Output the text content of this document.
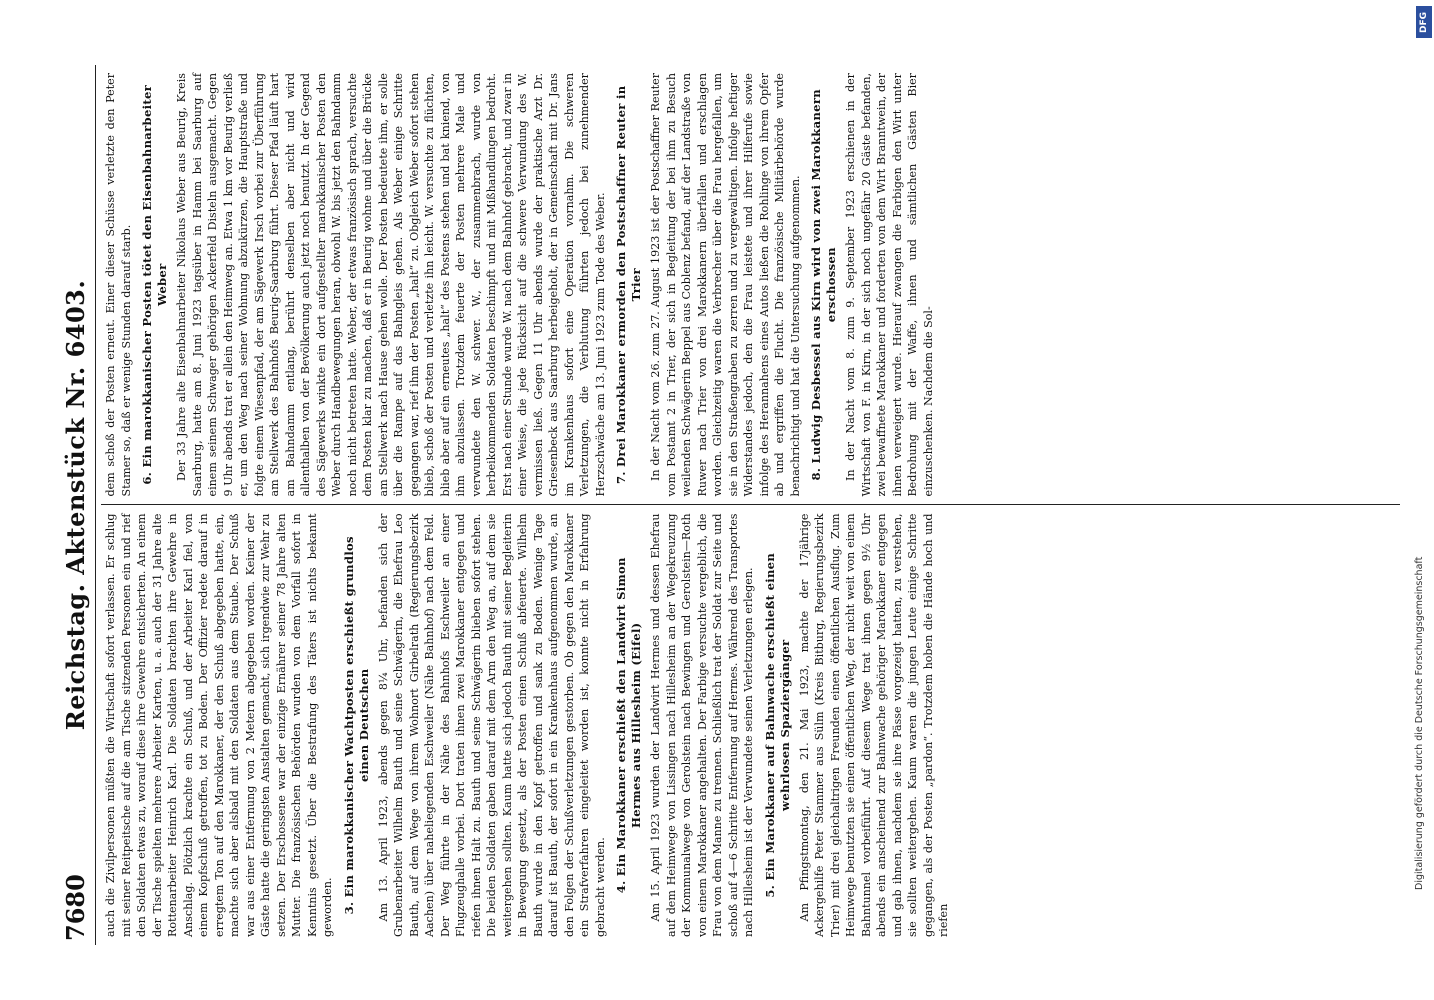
7680
Reichstag. Aktenstück Nr. 6403. auch die Zivilpersonen müßten die Wirtschaft sofort verlassen. Er schlug mit seiner Reitpeitsche auf die am Tische sitzenden Personen ein und rief den Soldaten etwas zu, worauf diese ihre Gewehre entsicherten. An einem der Tische spielten mehrere Arbeiter Karten, u. a. auch der 31 Jahre alte Rottenarbeiter Heinrich Karl. Die Soldaten brachten ihre Gewehre in Anschlag. Plötzlich krachte ein Schuß, und der Arbeiter Karl fiel, von einem Kopfschuß getroffen, tot zu Boden. Der Offizier redete darauf in erregtem Ton auf den Marokkaner, der den Schuß abgegeben hatte, ein, machte sich aber alsbald mit den Soldaten aus dem Staube. Der Schuß war aus einer Entfernung von 2 Metern abgegeben worden. Keiner der Gäste hatte die geringsten Anstalten gemacht, sich irgendwie zur Wehr zu setzen. Der Erschossene war der einzige Ernährer seiner 78 Jahre alten Mutter. Die französischen Behörden wurden von dem Vorfall sofort in Kenntnis gesetzt. Über die Bestrafung des Täters ist nichts bekannt geworden. 3. Ein marokkanischer Wachtposten erschießt grundlos einen Deutschen Am 13. April 1923, abends gegen 8¼ Uhr, befanden sich der Grubenarbeiter Wilhelm Bauth und seine Schwägerin, die Ehefrau Leo Bauth, auf dem Wege von ihrem Wohnort Girbelrath (Regierungsbezirk Aachen) über naheliegenden Eschweiler (Nähe Bahnhof) nach dem Feld. Der Weg führte in der Nähe des Bahnhofs Eschweiler an einer Flugzeughalle vorbei. Dort traten ihnen zwei Marokkaner entgegen und riefen ihnen Halt zu. Bauth und seine Schwägerin blieben sofort stehen. Die beiden Soldaten gaben darauf mit dem Arm den Weg an, auf dem sie weitergehen sollten. Kaum hatte sich jedoch Bauth mit seiner Begleiterin in Bewegung gesetzt, als der Posten einen Schuß abfeuerte. Wilhelm Bauth wurde in den Kopf getroffen und sank zu Boden. Wenige Tage darauf ist Bauth, der sofort in ein Krankenhaus aufgenommen wurde, an den Folgen der Schußverletzungen gestorben. Ob gegen den Marokkaner ein Strafverfahren eingeleitet worden ist, konnte nicht in Erfahrung gebracht werden. 4. Ein Marokkaner erschießt den Landwirt Simon Hermes aus Hillesheim (Eifel) Am 15. April 1923 wurden der Landwirt Hermes und dessen Ehefrau auf dem Heimwege von Lissingen nach Hillesheim an der Wegekreuzung der Kommunalwege von Gerolstein nach Bewingen und Gerolstein—Roth von einem Marokkaner angehalten. Der Farbige versuchte vergeblich, die Frau von dem Manne zu trennen. Schließlich trat der Soldat zur Seite und schoß auf 4—6 Schritte Entfernung auf Hermes. Während des Transportes nach Hillesheim ist der Verwundete seinen Verletzungen erlegen. 5. Ein Marokkaner auf Bahnwache erschießt einen wehrlosen Spaziergänger Am Pfingstmontag, den 21. Mai 1923, machte der 17jährige Ackergehilfe Peter Stammer aus Sülm (Kreis Bitburg, Regierungsbezirk Trier) mit drei gleichaltrigen Freunden einen öffentlichen Ausflug. Zum Heimwege benutzten sie einen öffentlichen Weg, der nicht weit von einem Bahntunnel vorbeiführt. Auf diesem Wege trat ihnen gegen 9½ Uhr abends ein anscheinend zur Bahnwache gehöriger Marokkaner entgegen und gab ihnen, nachdem sie ihre Pässe vorgezeigt hatten, zu verstehen, sie sollten weitergehen. Kaum waren die jungen Leute einige Schritte gegangen, als der Posten „pardon“. Trotzdem hoben die Hände hoch und riefen

dem schoß der Posten erneut. Einer dieser Schüsse verletzte den Peter Stamer so, daß er wenige Stunden darauf starb. 6. Ein marokkanischer Posten tötet den Eisenbahnarbeiter Weber Der 33 Jahre alte Eisenbahnarbeiter Nikolaus Weber aus Beurig, Kreis Saarburg, hatte am 8. Juni 1923 tagsüber in Hamm bei Saarburg auf einem seinem Schwager gehörigen Ackerfeld Disteln ausgemacht. Gegen 9 Uhr abends trat er allein den Heimweg an. Etwa 1 km vor Beurig verließ er, um den Weg nach seiner Wohnung abzukürzen, die Hauptstraße und folgte einem Wiesenpfad, der am Sägewerk Irsch vorbei zur Überführung am Stellwerk des Bahnhofs Beurig-Saarburg führt. Dieser Pfad läuft hart am Bahndamm entlang, berührt denselben aber nicht und wird allenthalben von der Bevölkerung auch jetzt noch benutzt. In der Gegend des Sägewerks winkte ein dort aufgestellter marokkanischer Posten den Weber durch Handbewegungen heran, obwohl W. bis jetzt den Bahndamm noch nicht betreten hatte. Weber, der etwas französisch sprach, versuchte dem Posten klar zu machen, daß er in Beurig wohne und über die Brücke am Stellwerk nach Hause gehen wolle. Der Posten bedeutete ihm, er solle über die Rampe auf das Bahngleis gehen. Als Weber einige Schritte gegangen war, rief ihm der Posten „halt“ zu. Obgleich Weber sofort stehen blieb, schoß der Posten und verletzte ihn leicht. W. versuchte zu flüchten, blieb aber auf ein erneutes „halt“ des Postens stehen und bat kniend, von ihm abzulassen. Trotzdem feuerte der Posten mehrere Male und verwundete den W. schwer. W., der zusammenbrach, wurde von herbeikommenden Soldaten beschimpft und mit Mißhandlungen bedroht. Erst nach einer Stunde wurde W. nach dem Bahnhof gebracht, und zwar in einer Weise, die jede Rücksicht auf die schwere Verwundung des W. vermissen ließ. Gegen 11 Uhr abends wurde der praktische Arzt Dr. Griesenbeck aus Saarburg herbeigeholt, der in Gemeinschaft mit Dr. Jans im Krankenhaus sofort eine Operation vornahm. Die schweren Verletzungen, die Verblutung führten jedoch bei zunehmender Herzschwäche am 13. Juni 1923 zum Tode des Weber. 7. Drei Marokkaner ermorden den Postschaffner Reuter in Trier In der Nacht vom 26. zum 27. August 1923 ist der Postschaffner Reuter vom Postamt 2 in Trier, der sich in Begleitung der bei ihm zu Besuch weilenden Schwägerin Beppel aus Coblenz befand, auf der Landstraße von Ruwer nach Trier von drei Marokkanern überfallen und erschlagen worden. Gleichzeitig waren die Verbrecher über die Frau hergefallen, um sie in den Straßengraben zu zerren und zu vergewaltigen. Infolge heftiger Widerstandes jedoch, den die Frau leistete und ihrer Hilferufe sowie infolge des Herannahens eines Autos ließen die Rohlinge von ihrem Opfer ab und ergriffen die Flucht. Die französische Militärbehörde wurde benachrichtigt und hat die Untersuchung aufgenommen. 8. Ludwig Desbessel aus Kirn wird von zwei Marokkanern erschossen In der Nacht vom 8. zum 9. September 1923 erschienen in der Wirtschaft von F. in Kirn, in der sich noch ungefähr 20 Gäste befanden, zwei bewaffnete Marokkaner und forderten von dem Wirt Branntwein, der ihnen verweigert wurde. Hierauf zwangen die Farbigen den Wirt unter Bedrohung mit der Waffe, ihnen und sämtlichen Gästen Bier einzuschenken. Nachdem die Sol-

DFG
Digitalisierung gefördert durch die Deutsche Forschungsgemeinschaft
